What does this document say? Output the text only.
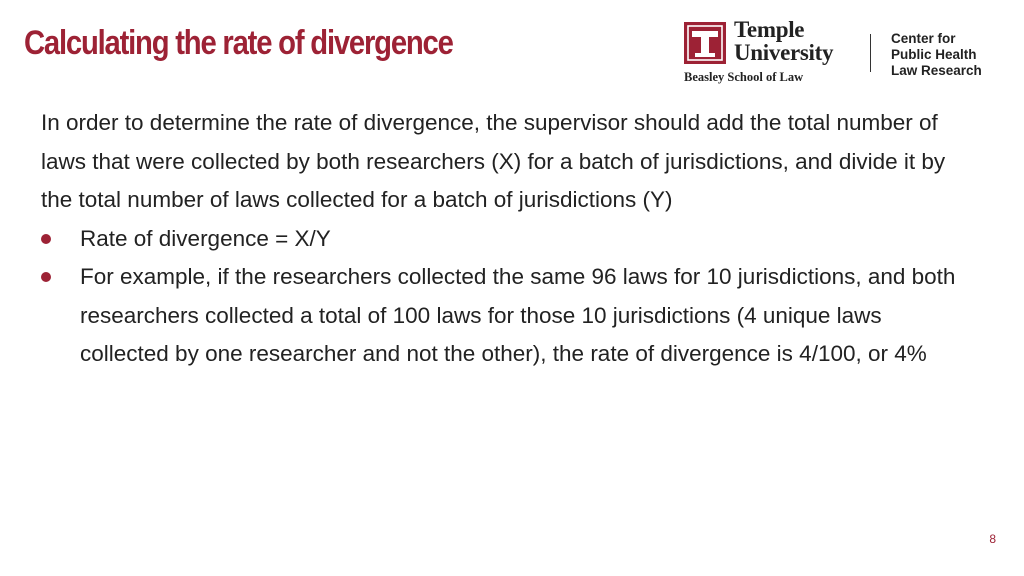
Calculating the rate of divergence	Temple
University
Beasley School of Law
Center for
Public Health
Law Research

In order to determine the rate of divergence, the supervisor should add the total number of laws that were collected by both researchers (X) for a batch of jurisdictions, and divide it by the total number of laws collected for a batch of jurisdictions (Y)

Rate of divergence = X/Y
For example, if the researchers collected the same 96 laws for 10 jurisdictions, and both researchers collected a total of 100 laws for those 10 jurisdictions (4 unique laws collected by one researcher and not the other), the rate of divergence is 4/100, or 4%
8
